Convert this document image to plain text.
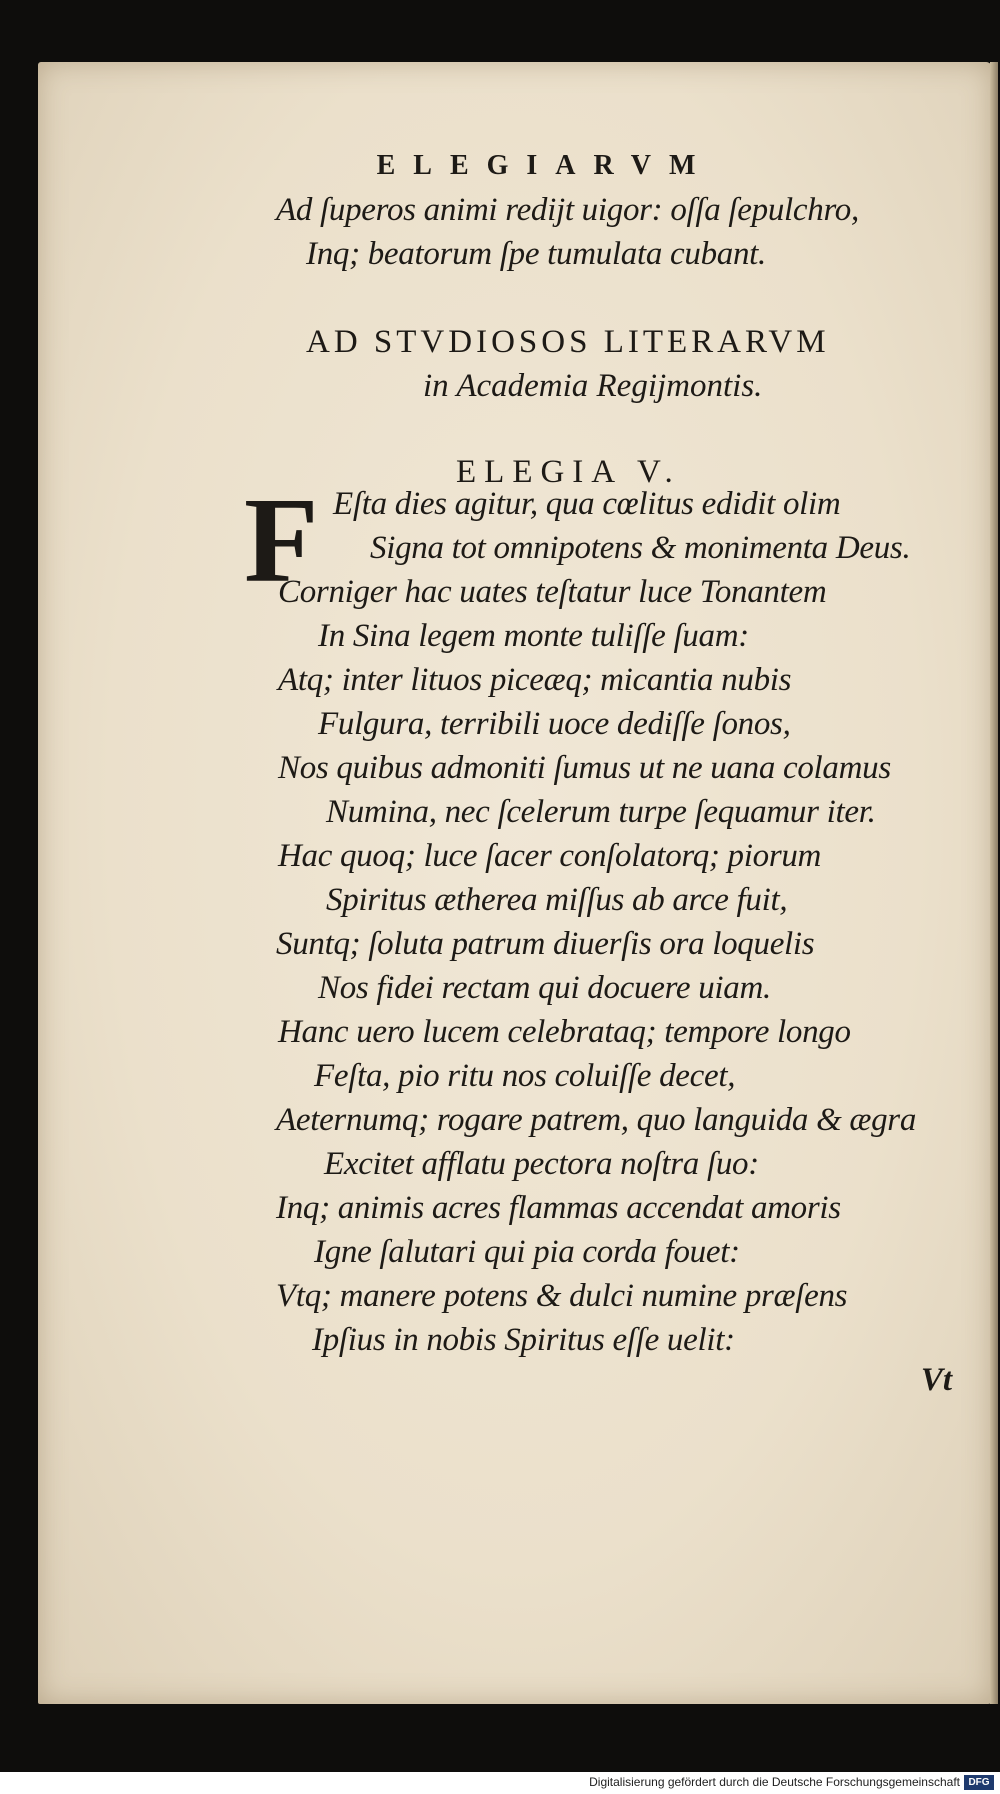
ELEGIARVM
Ad ſuperos animi redijt uigor: oſſa ſepulchro,
Inq; beatorum ſpe tumulata cubant.
AD STVDIOSOS LITERARVM
in Academia Regijmontis.
ELEGIA V.
F Eſta dies agitur, qua cœlitus edidit olim
Signa tot omnipotens & monimenta Deus.
Corniger hac uates teſtatur luce Tonantem
In Sina legem monte tuliſſe ſuam:
Atq; inter lituos piceæq; micantia nubis
Fulgura, terribili uoce dediſſe ſonos,
Nos quibus admoniti ſumus ut ne uana colamus
Numina, nec ſcelerum turpe ſequamur iter.
Hac quoq; luce ſacer conſolatorq; piorum
Spiritus ætherea miſſus ab arce fuit,
Suntq; ſoluta patrum diuerſis ora loquelis
Nos fidei rectam qui docuere uiam.
Hanc uero lucem celebrataq; tempore longo
Feſta, pio ritu nos coluiſſe decet,
Aeternumq; rogare patrem, quo languida & ægra
Excitet afflatu pectora noſtra ſuo:
Inq; animis acres flammas accendat amoris
Igne ſalutari qui pia corda fouet:
Vtq; manere potens & dulci numine præſens
Ipſius in nobis Spiritus eſſe uelit:
Vt
Digitalisierung gefördert durch die Deutsche Forschungsgemeinschaft DFG
